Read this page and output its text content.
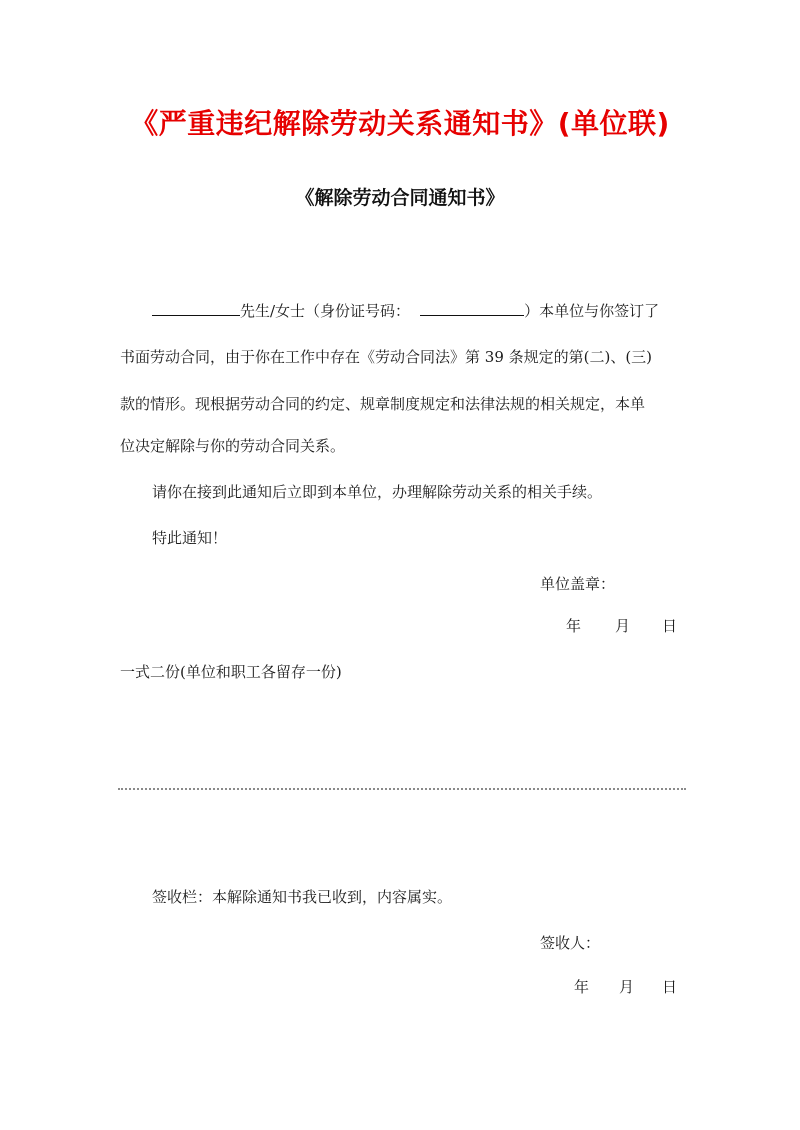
《严重违纪解除劳动关系通知书》(单位联)
《解除劳动合同通知书》
先生/女士（身份证号码：	）本单位与你签订了
书面劳动合同，由于你在工作中存在《劳动合同法》第 39 条规定的第(二)、(三)
款的情形。现根据劳动合同的约定、规章制度规定和法律法规的相关规定，本单
位决定解除与你的劳动合同关系。
请你在接到此通知后立即到本单位，办理解除劳动关系的相关手续。
特此通知！
单位盖章：
年 月 日
一式二份(单位和职工各留存一份)
签收栏：本解除通知书我已收到，内容属实。
签收人：
年 月 日
